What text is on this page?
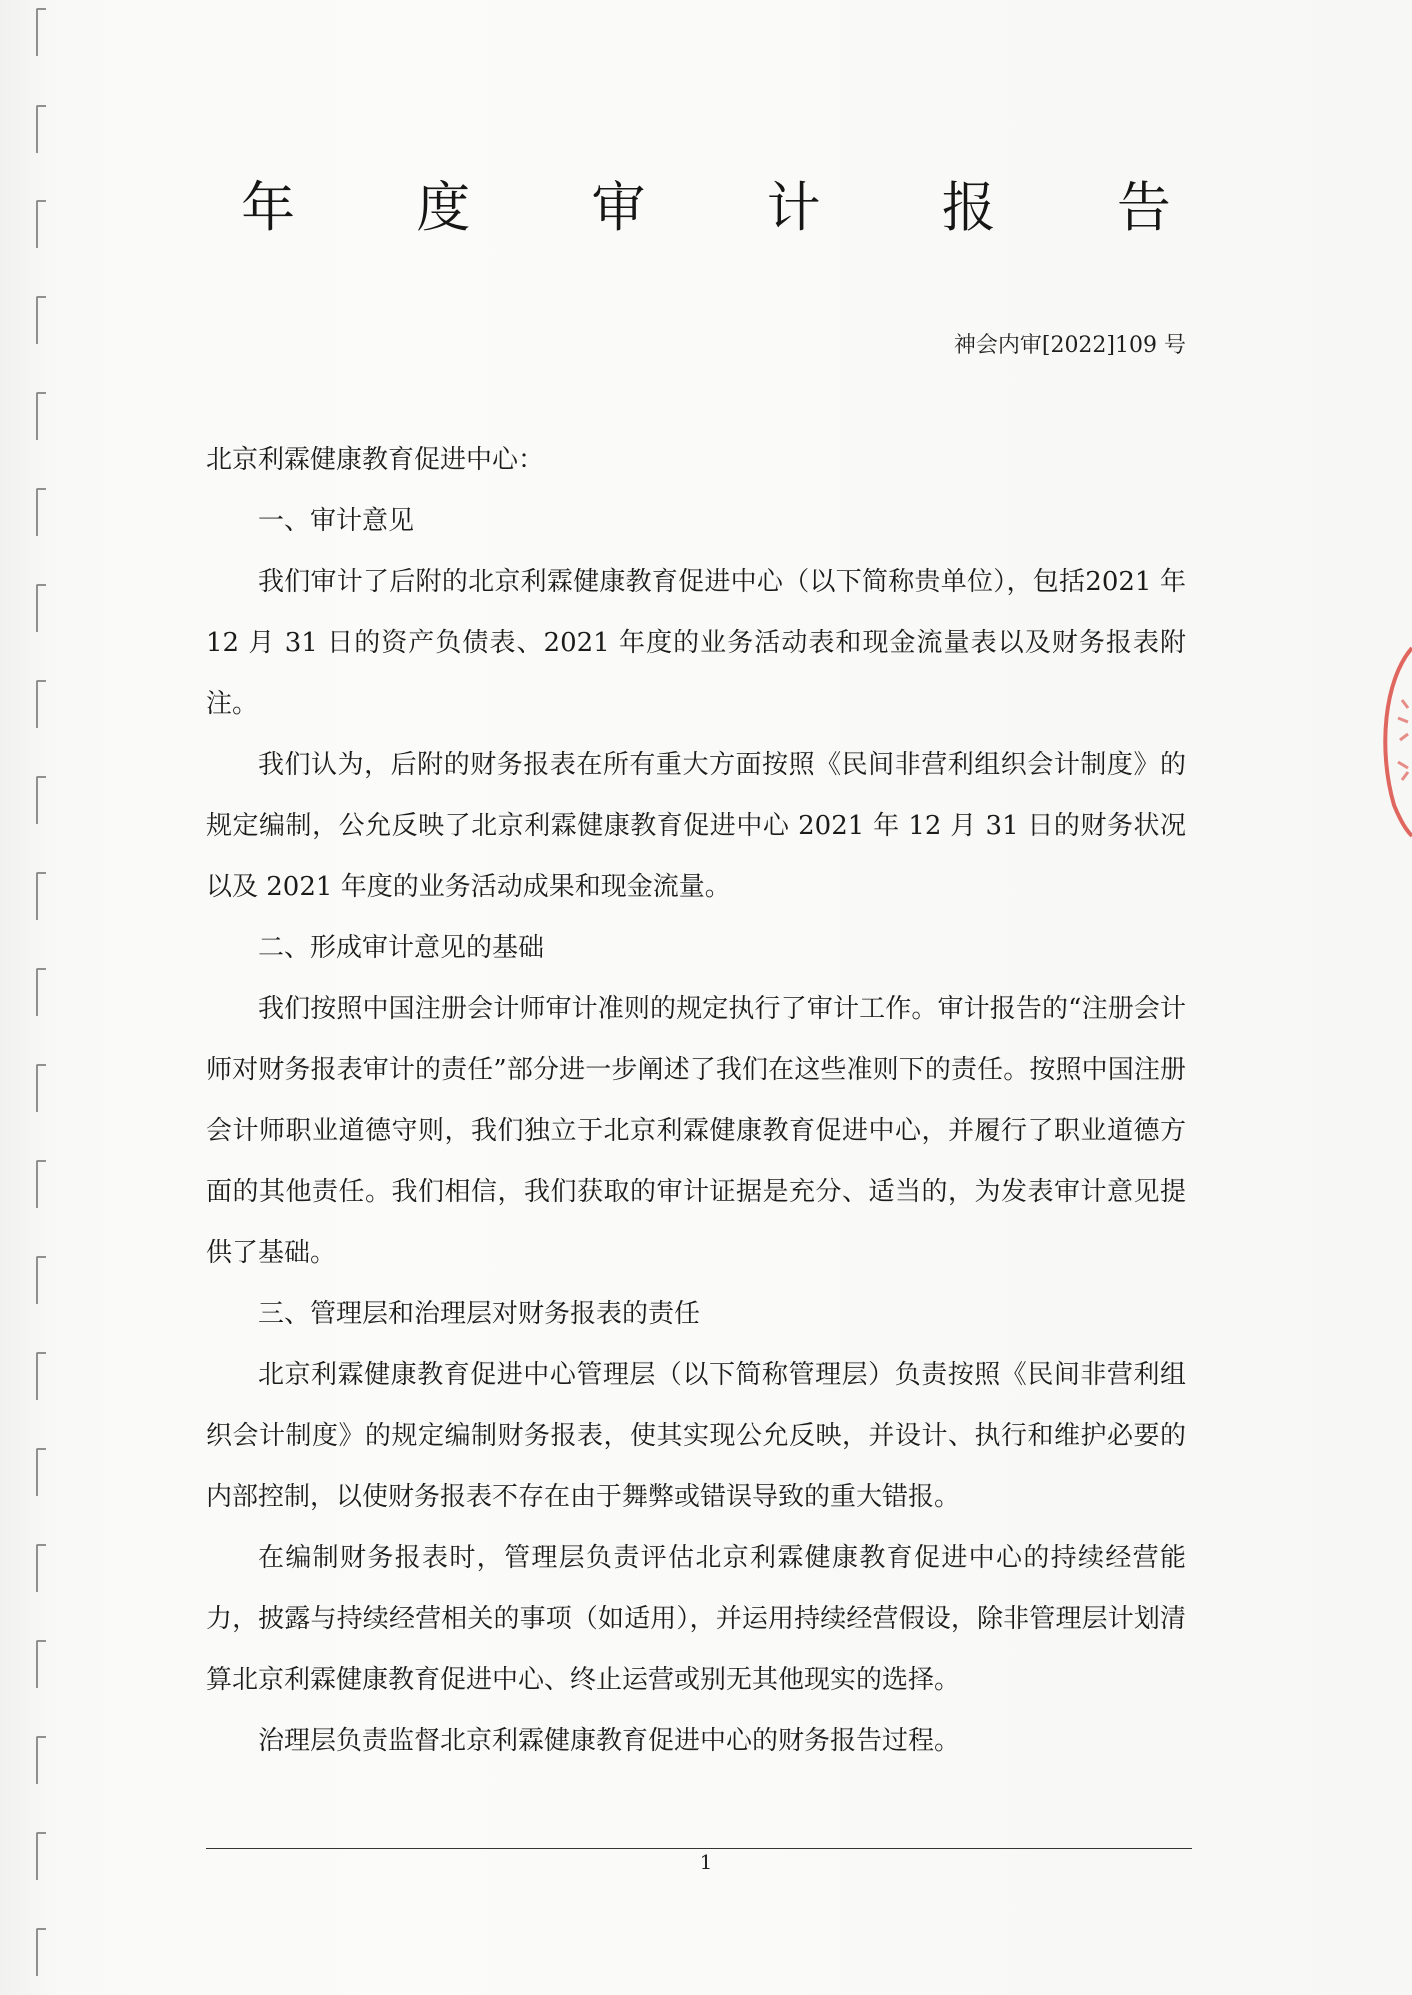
年 度 审 计 报 告
神会内审[2022]109 号

北京利霖健康教育促进中心：

一、审计意见

我们审计了后附的北京利霖健康教育促进中心（以下简称贵单位），包括2021 年 12 月 31 日的资产负债表、2021 年度的业务活动表和现金流量表以及财务报表附注。

我们认为，后附的财务报表在所有重大方面按照《民间非营利组织会计制度》的规定编制，公允反映了北京利霖健康教育促进中心 2021 年 12 月 31 日的财务状况以及 2021 年度的业务活动成果和现金流量。

二、形成审计意见的基础

我们按照中国注册会计师审计准则的规定执行了审计工作。审计报告的“注册会计师对财务报表审计的责任”部分进一步阐述了我们在这些准则下的责任。按照中国注册会计师职业道德守则，我们独立于北京利霖健康教育促进中心，并履行了职业道德方面的其他责任。我们相信，我们获取的审计证据是充分、适当的，为发表审计意见提供了基础。

三、管理层和治理层对财务报表的责任

北京利霖健康教育促进中心管理层（以下简称管理层）负责按照《民间非营利组织会计制度》的规定编制财务报表，使其实现公允反映，并设计、执行和维护必要的内部控制，以使财务报表不存在由于舞弊或错误导致的重大错报。

在编制财务报表时，管理层负责评估北京利霖健康教育促进中心的持续经营能力，披露与持续经营相关的事项（如适用），并运用持续经营假设，除非管理层计划清算北京利霖健康教育促进中心、终止运营或别无其他现实的选择。

治理层负责监督北京利霖健康教育促进中心的财务报告过程。

1
